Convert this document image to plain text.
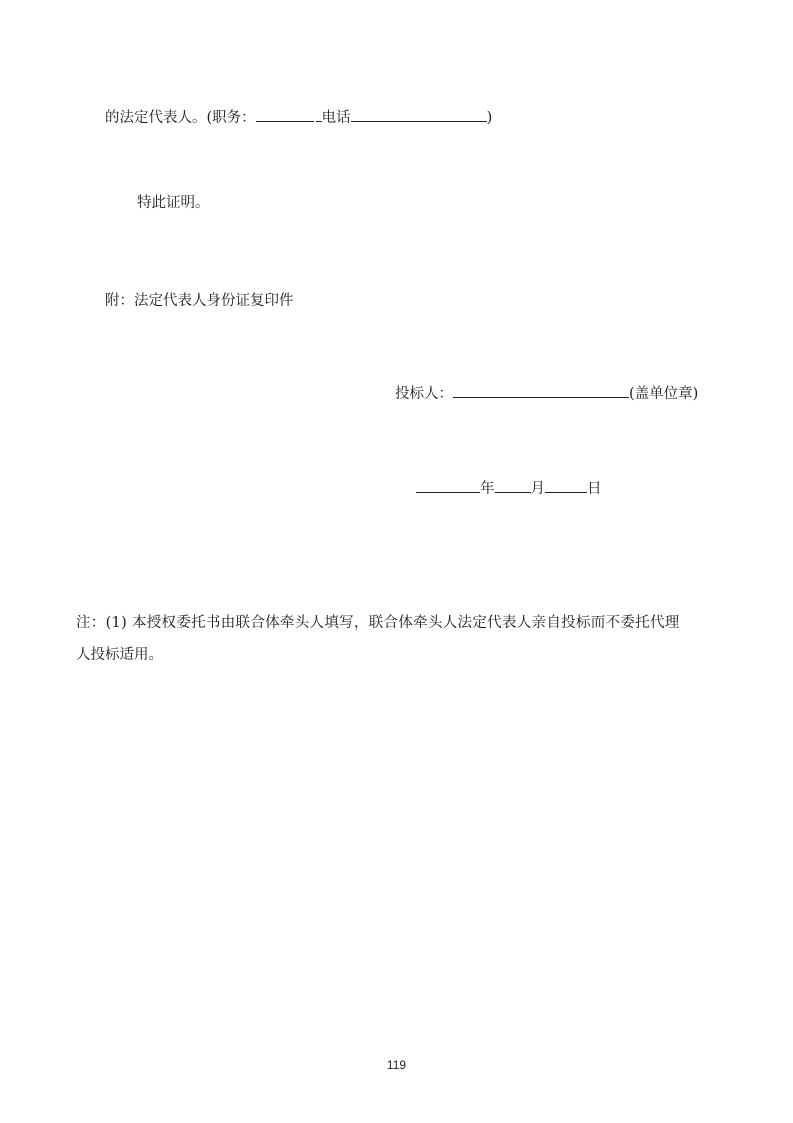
的法定代表人。(职务：	电话	)
特此证明。
附：法定代表人身份证复印件
投标人：	(盖单位章)
年 月	日
注：(1) 本授权委托书由联合体牵头人填写，联合体牵头人法定代表人亲自投标而不委托代理
人投标适用。
119
